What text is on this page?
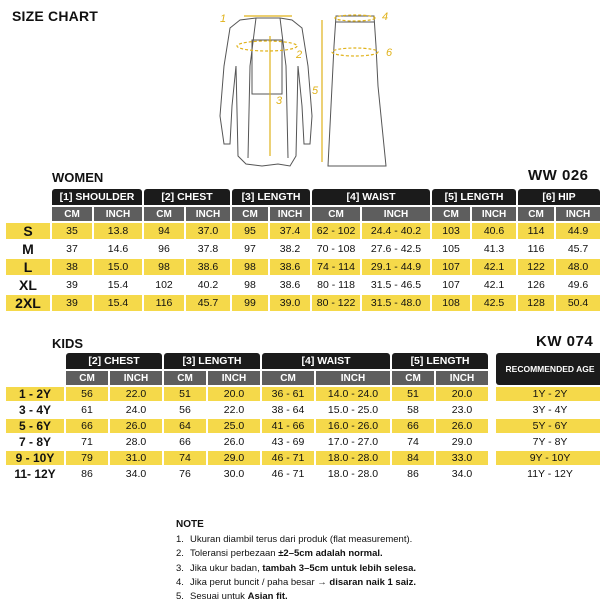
SIZE CHART	1
2
3
4
5
6
WOMEN	WW 026
	[1] SHOULDER		[2] CHEST		[3] LENGTH		[4] WAIST		[5] LENGTH		[6] HIP	
	CM	INCH	CM	INCH	CM	INCH	CM	INCH	CM	INCH	CM	INCH
S	35	13.8	94	37.0	95	37.4	62 - 102	24.4 - 40.2	103	40.6	114	44.9
M	37	14.6	96	37.8	97	38.2	70 - 108	27.6 - 42.5	105	41.3	116	45.7
L	38	15.0	98	38.6	98	38.6	74 - 114	29.1 - 44.9	107	42.1	122	48.0
XL	39	15.4	102	40.2	98	38.6	80 - 118	31.5 - 46.5	107	42.1	126	49.6
2XL	39	15.4	116	45.7	99	39.0	80 - 122	31.5 - 48.0	108	42.5	128	50.4
KIDS	KW 074
	[2] CHEST		[3] LENGTH		[4] WAIST		[5] LENGTH			RECOMMENDED AGE
	CM	INCH	CM	INCH	CM	INCH	CM	INCH		
1 - 2Y	56	22.0	51	20.0	36 - 61	14.0 - 24.0	51	20.0		1Y - 2Y
3 - 4Y	61	24.0	56	22.0	38 - 64	15.0 - 25.0	58	23.0		3Y - 4Y
5 - 6Y	66	26.0	64	25.0	41 - 66	16.0 - 26.0	66	26.0		5Y - 6Y
7 - 8Y	71	28.0	66	26.0	43 - 69	17.0 - 27.0	74	29.0		7Y - 8Y
9 - 10Y	79	31.0	74	29.0	46 - 71	18.0 - 28.0	84	33.0		9Y - 10Y
11- 12Y	86	34.0	76	30.0	46 - 71	18.0 - 28.0	86	34.0		11Y - 12Y
NOTE
1. Ukuran diambil terus dari produk (flat measurement).
2. Toleransi perbezaan ±2–5cm adalah normal.
3. Jika ukur badan, tambah 3–5cm untuk lebih selesa.
4. Jika perut buncit / paha besar → disaran naik 1 saiz.
5. Sesuai untuk Asian fit.
